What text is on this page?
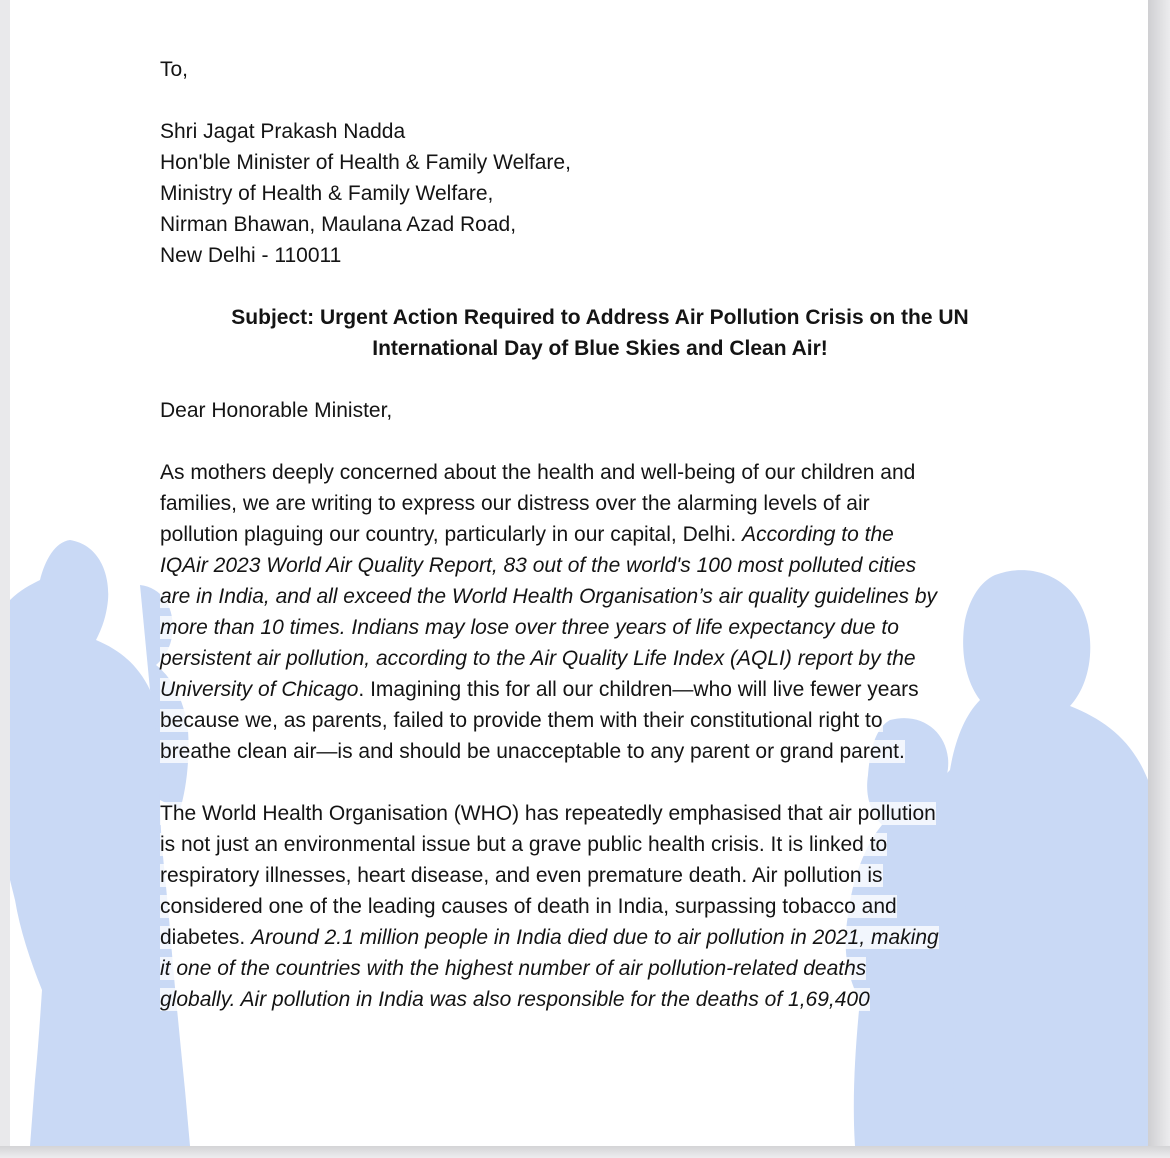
To,
Shri Jagat Prakash Nadda
Hon'ble Minister of Health & Family Welfare,
Ministry of Health & Family Welfare,
Nirman Bhawan, Maulana Azad Road,
New Delhi - 110011
Subject: Urgent Action Required to Address Air Pollution Crisis on the UN
International Day of Blue Skies and Clean Air!
Dear Honorable Minister,
As mothers deeply concerned about the health and well-being of our children and
families, we are writing to express our distress over the alarming levels of air
pollution plaguing our country, particularly in our capital, Delhi. According to the
IQAir 2023 World Air Quality Report, 83 out of the world's 100 most polluted cities
are in India, and all exceed the World Health Organisation’s air quality guidelines by
more than 10 times. Indians may lose over three years of life expectancy due to
persistent air pollution, according to the Air Quality Life Index (AQLI) report by the
University of Chicago. Imagining this for all our children—who will live fewer years
because we, as parents, failed to provide them with their constitutional right to
breathe clean air—is and should be unacceptable to any parent or grand parent.
The World Health Organisation (WHO) has repeatedly emphasised that air pollution
is not just an environmental issue but a grave public health crisis. It is linked to
respiratory illnesses, heart disease, and even premature death. Air pollution is
considered one of the leading causes of death in India, surpassing tobacco and
diabetes. Around 2.1 million people in India died due to air pollution in 2021, making
it one of the countries with the highest number of air pollution-related deaths
globally. Air pollution in India was also responsible for the deaths of 1,69,400
